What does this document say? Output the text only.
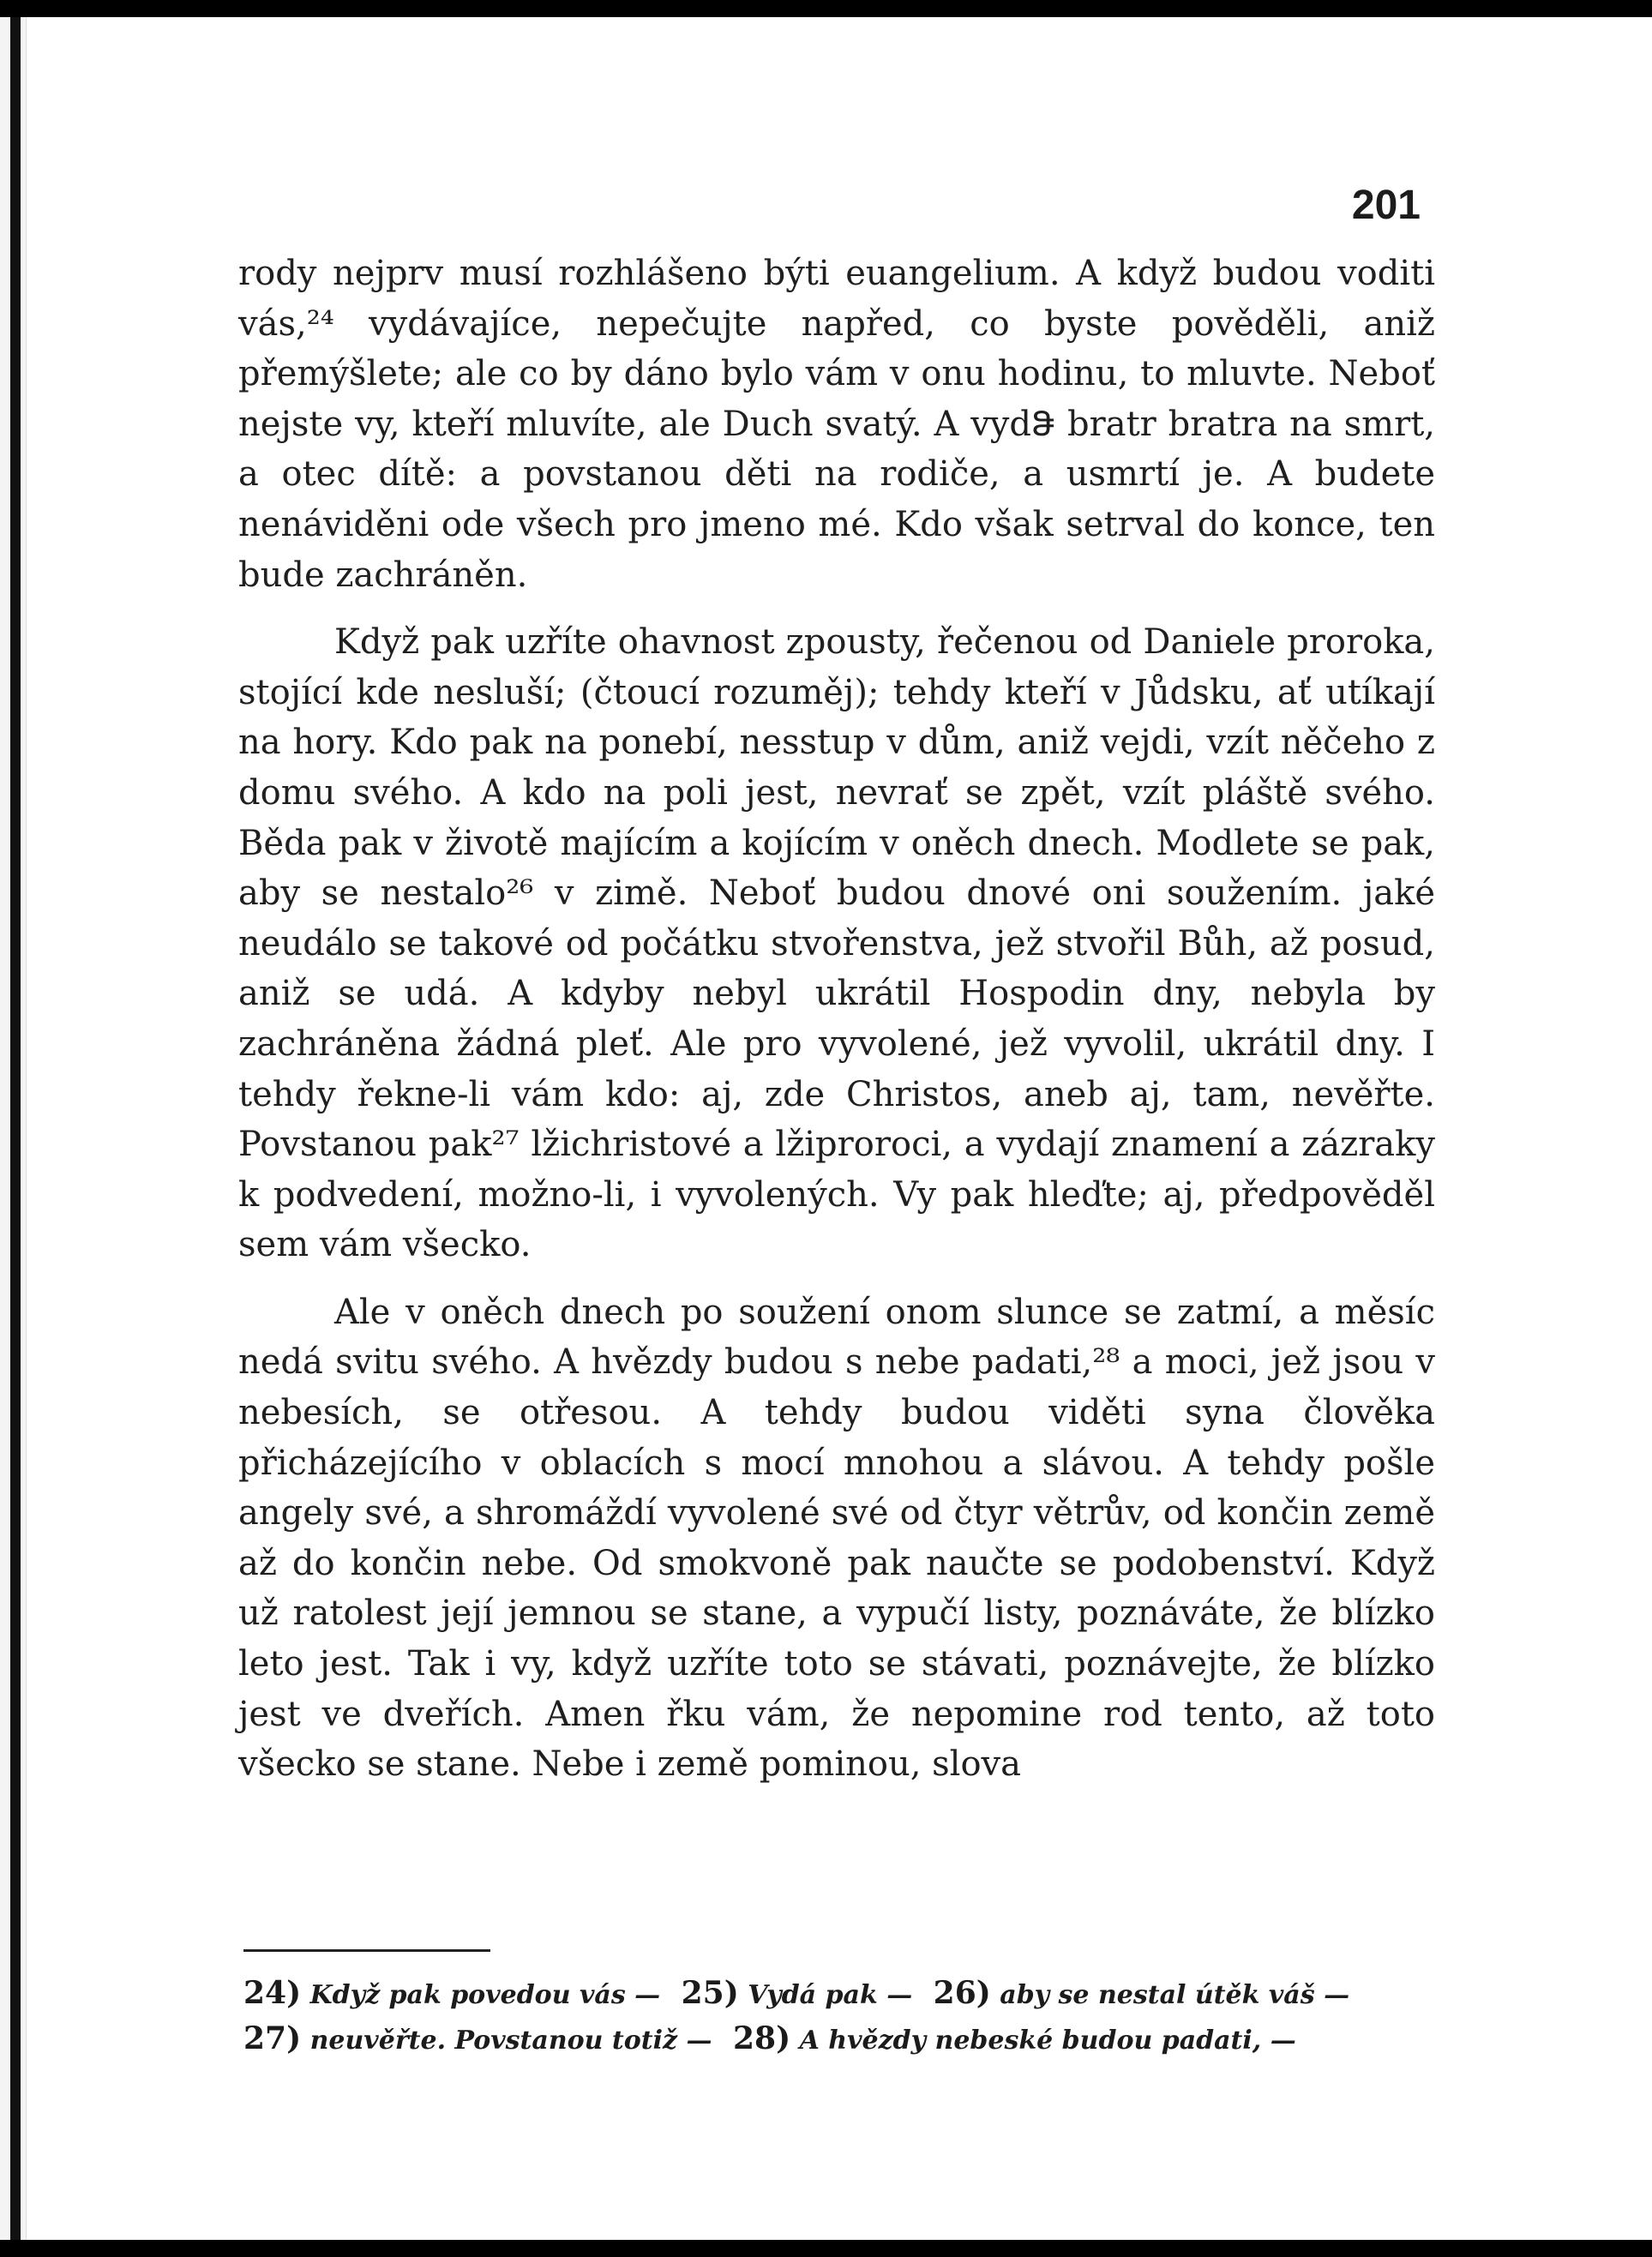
201

rody nejprv musí rozhlášeno býti euangelium. A když budou voditi vás,²⁴ vydávajíce, nepečujte napřed, co byste pověděli, aniž přemýšlete; ale co by dáno bylo vám v onu hodinu, to mluvte. Neboť nejste vy, kteří mluvíte, ale Duch svatý. A vydᲵ bratr bratra na smrt, a otec dítě: a povstanou děti na rodiče, a usmrtí je. A budete nenáviděni ode všech pro jmeno mé. Kdo však setrval do konce, ten bude zachráněn.

Když pak uzříte ohavnost zpousty, řečenou od Daniele proroka, stojící kde nesluší; (čtoucí rozuměj); tehdy kteří v Jůdsku, ať utíkají na hory. Kdo pak na ponebí, nesstup v dům, aniž vejdi, vzít něčeho z domu svého. A kdo na poli jest, nevrať se zpět, vzít pláště svého. Běda pak v životě majícím a kojícím v oněch dnech. Modlete se pak, aby se nestalo²⁶ v zimě. Neboť budou dnové oni soužením. jaké neudálo se takové od počátku stvořenstva, jež stvořil Bůh, až posud, aniž se udá. A kdyby nebyl ukrátil Hospodin dny, nebyla by zachráněna žádná pleť. Ale pro vyvolené, jež vyvolil, ukrátil dny. I tehdy řekne-li vám kdo: aj, zde Christos, aneb aj, tam, nevěřte. Povstanou pak²⁷ lžichristové a lžiproroci, a vydají znamení a zázraky k podvedení, možno-li, i vyvolených. Vy pak hleďte; aj, předpověděl sem vám všecko.

Ale v oněch dnech po soužení onom slunce se zatmí, a měsíc nedá svitu svého. A hvězdy budou s nebe padati,²⁸ a moci, jež jsou v nebesích, se otřesou. A tehdy budou viděti syna člověka přicházejícího v oblacích s mocí mnohou a slávou. A tehdy pošle angely své, a shromáždí vyvolené své od čtyr větrův, od končin země až do končin nebe. Od smokvoně pak naučte se podobenství. Když už ratolest její jemnou se stane, a vypučí listy, poznáváte, že blízko leto jest. Tak i vy, když uzříte toto se stávati, poznávejte, že blízko jest ve dveřích. Amen řku vám, že nepomine rod tento, až toto všecko se stane. Nebe i země pominou, slova

24) Když pak povedou vás — 25) Vydá pak — 26) aby se nestal útěk váš —
27) neuvěřte. Povstanou totiž — 28) A hvězdy nebeské budou padati, —
